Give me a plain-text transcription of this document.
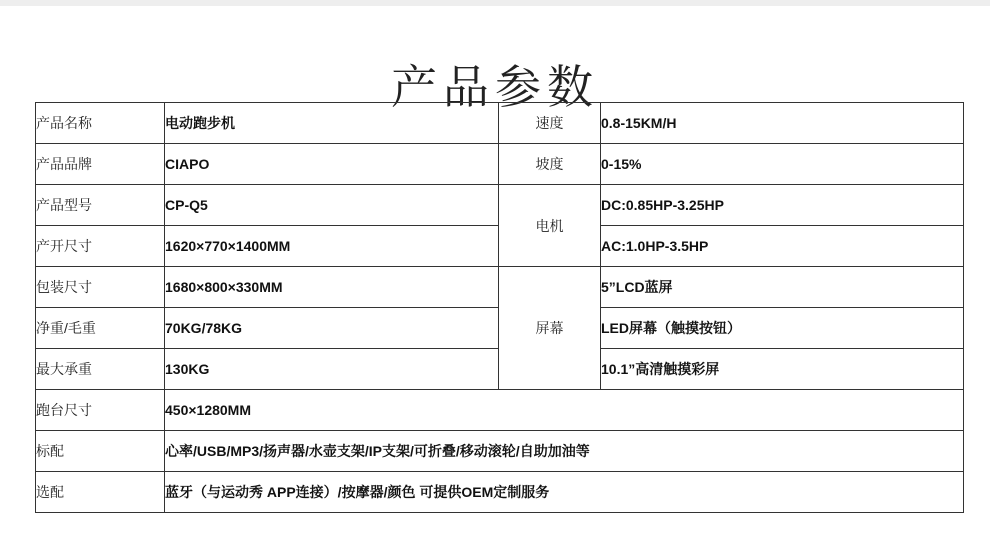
产品参数
产品名称	电动跑步机	速度	0.8-15KM/H
产品品牌	CIAPO	坡度	0-15%
产品型号	CP-Q5	电机	DC:0.85HP-3.25HP
产开尺寸	1620×770×1400MM		AC:1.0HP-3.5HP
包装尺寸	1680×800×330MM	屏幕	5”LCD蓝屏
净重/毛重	70KG/78KG		LED屏幕（触摸按钮）
最大承重	130KG		10.1”高清触摸彩屏
跑台尺寸	450×1280MM		
标配	心率/USB/MP3/扬声器/水壶支架/IP支架/可折叠/移动滚轮/自助加油等		
选配	蓝牙（与运动秀 APP连接）/按摩器/颜色 可提供OEM定制服务		
